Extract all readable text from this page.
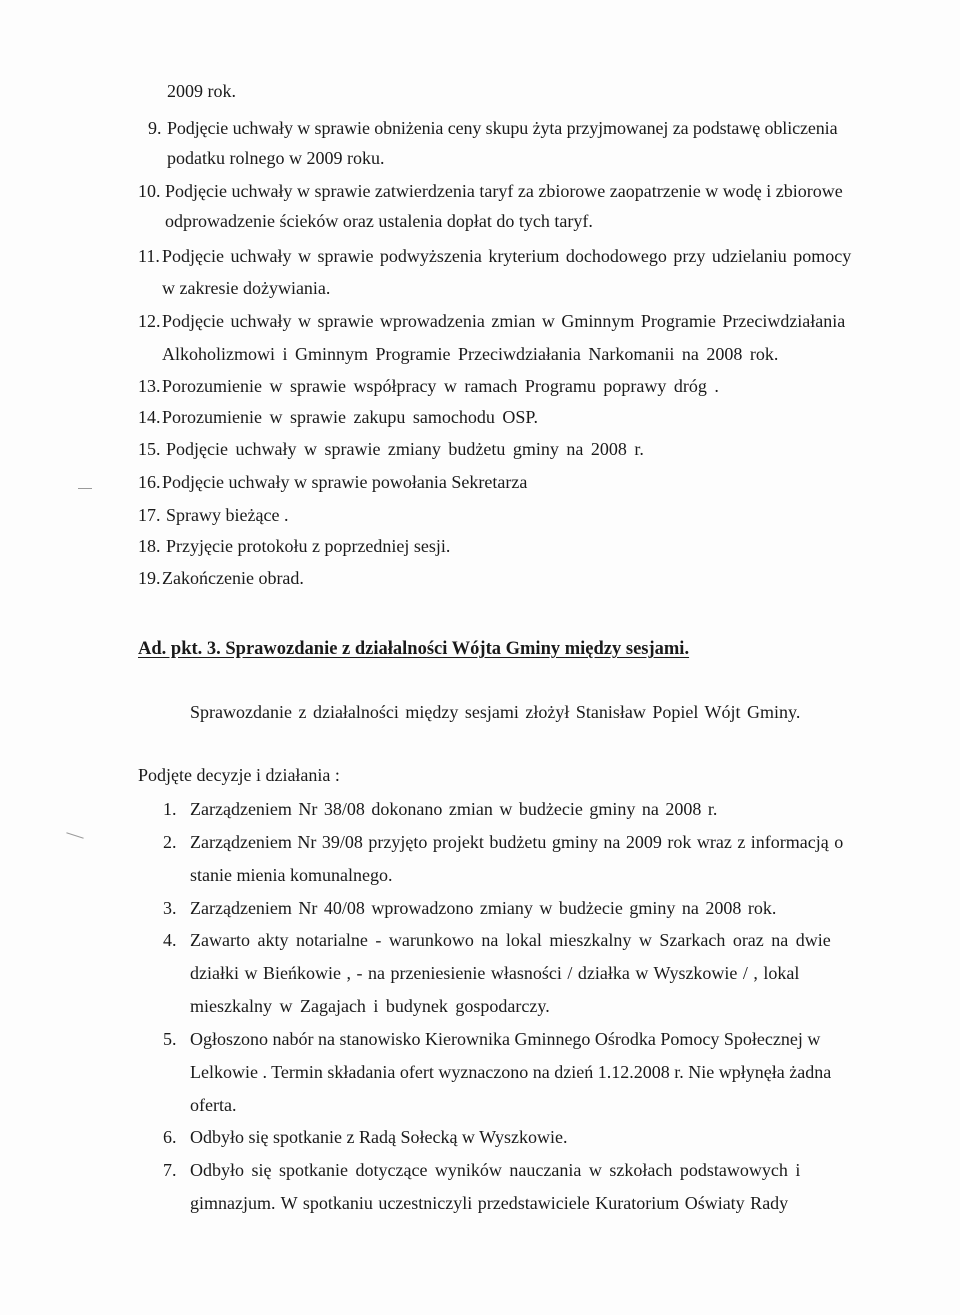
2009 rok.
9. Podjęcie uchwały w sprawie obniżenia ceny skupu żyta przyjmowanej za podstawę obliczenia
podatku rolnego w 2009 roku.
10. Podjęcie uchwały w sprawie zatwierdzenia taryf za zbiorowe zaopatrzenie w wodę i zbiorowe
odprowadzenie ścieków oraz ustalenia dopłat do tych taryf.
11. Podjęcie uchwały w sprawie podwyższenia kryterium dochodowego przy udzielaniu pomocy
w zakresie dożywiania.
12. Podjęcie uchwały w sprawie wprowadzenia zmian w Gminnym Programie Przeciwdziałania
Alkoholizmowi i Gminnym Programie Przeciwdziałania Narkomanii na 2008 rok.
13. Porozumienie w sprawie współpracy w ramach Programu poprawy dróg .
14. Porozumienie w sprawie zakupu samochodu OSP.
15. Podjęcie uchwały w sprawie zmiany budżetu gminy na 2008 r.
16. Podjęcie uchwały w sprawie powołania Sekretarza
17. Sprawy bieżące .
18. Przyjęcie protokołu z poprzedniej sesji.
19. Zakończenie obrad.
Ad. pkt. 3. Sprawozdanie z działalności Wójta Gminy między sesjami.
Sprawozdanie z działalności między sesjami złożył Stanisław Popiel Wójt Gminy.
Podjęte decyzje i działania :
1. Zarządzeniem Nr 38/08 dokonano zmian w budżecie gminy na 2008 r.
2. Zarządzeniem Nr 39/08 przyjęto projekt budżetu gminy na 2009 rok wraz z informacją o
stanie mienia komunalnego.
3. Zarządzeniem Nr 40/08 wprowadzono zmiany w budżecie gminy na 2008 rok.
4. Zawarto akty notarialne - warunkowo na lokal mieszkalny w Szarkach oraz na dwie
działki w Bieńkowie , - na przeniesienie własności / działka w Wyszkowie / , lokal
mieszkalny w Zagajach i budynek gospodarczy.
5. Ogłoszono nabór na stanowisko Kierownika Gminnego Ośrodka Pomocy Społecznej w
Lelkowie . Termin składania ofert wyznaczono na dzień 1.12.2008 r. Nie wpłynęła żadna
oferta.
6. Odbyło się spotkanie z Radą Sołecką w Wyszkowie.
7. Odbyło się spotkanie dotyczące wyników nauczania w szkołach podstawowych i
gimnazjum. W spotkaniu uczestniczyli przedstawiciele Kuratorium Oświaty Rady
